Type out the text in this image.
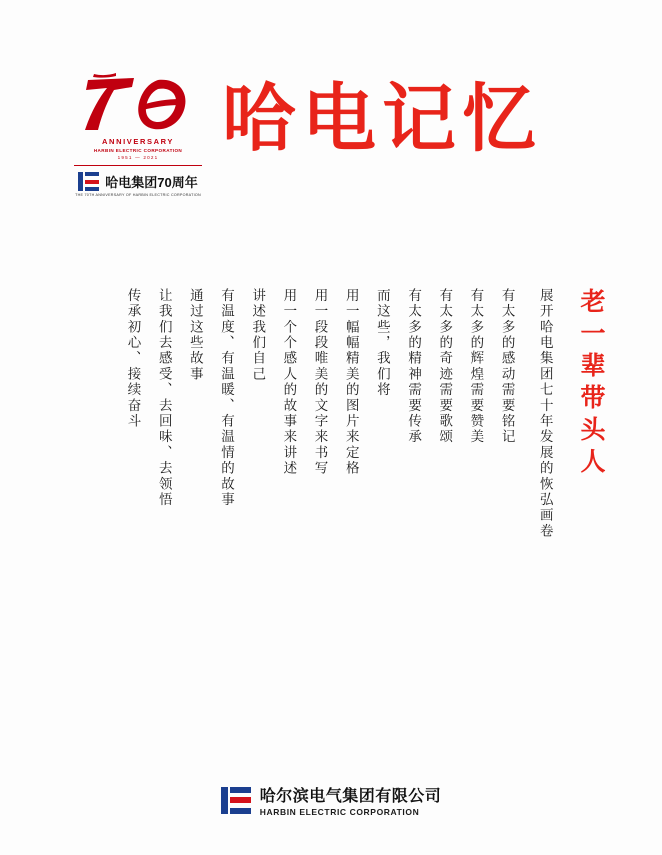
ANNIVERSARY
HARBIN ELECTRIC CORPORATION
1951 — 2021
哈电集团70周年
THE 70TH ANNIVERSARY OF HARBIN ELECTRIC CORPORATION
哈电记忆
老一辈带头人
展开哈电集团七十年发展的恢弘画卷
有太多的感动需要铭记
有太多的辉煌需要赞美
有太多的奇迹需要歌颂
有太多的精神需要传承
而这些，我们将
用一幅幅精美的图片来定格
用一段段唯美的文字来书写
用一个个感人的故事来讲述
讲述我们自己
有温度、有温暖、有温情的故事
通过这些故事
让我们去感受、去回味、去领悟
传承初心、接续奋斗
哈尔滨电气集团有限公司
HARBIN ELECTRIC CORPORATION
